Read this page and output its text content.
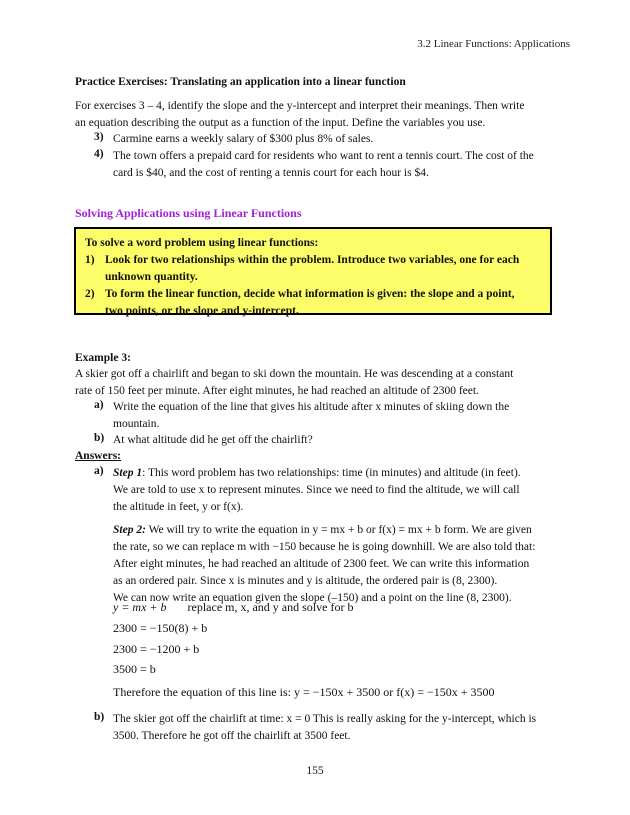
3.2 Linear Functions: Applications
Practice Exercises: Translating an application into a linear function
For exercises 3 – 4, identify the slope and the y-intercept and interpret their meanings. Then write
an equation describing the output as a function of the input. Define the variables you use.
3) Carmine earns a weekly salary of $300 plus 8% of sales.
4) The town offers a prepaid card for residents who want to rent a tennis court. The cost of the
card is $40, and the cost of renting a tennis court for each hour is $4.
Solving Applications using Linear Functions
To solve a word problem using linear functions:
1) Look for two relationships within the problem. Introduce two variables, one for each
unknown quantity.
2) To form the linear function, decide what information is given: the slope and a point,
two points, or the slope and y-intercept.
Example 3:
A skier got off a chairlift and began to ski down the mountain. He was descending at a constant
rate of 150 feet per minute. After eight minutes, he had reached an altitude of 2300 feet.
a) Write the equation of the line that gives his altitude after x minutes of skiing down the
mountain.
b) At what altitude did he get off the chairlift?
Answers:
a) Step 1: This word problem has two relationships: time (in minutes) and altitude (in feet).
We are told to use x to represent minutes. Since we need to find the altitude, we will call
the altitude in feet, y or f(x).
Step 2: We will try to write the equation in y = mx + b or f(x) = mx + b form. We are given
the rate, so we can replace m with −150 because he is going downhill. We are also told that:
After eight minutes, he had reached an altitude of 2300 feet. We can write this information
as an ordered pair. Since x is minutes and y is altitude, the ordered pair is (8, 2300).
We can now write an equation given the slope (–150) and a point on the line (8, 2300).
y = mx + b replace m, x, and y and solve for b
2300 = −150(8) + b
2300 = −1200 + b
3500 = b
Therefore the equation of this line is: y = −150x + 3500 or f(x) = −150x + 3500
b) The skier got off the chairlift at time: x = 0 This is really asking for the y-intercept, which is
3500. Therefore he got off the chairlift at 3500 feet.
155
